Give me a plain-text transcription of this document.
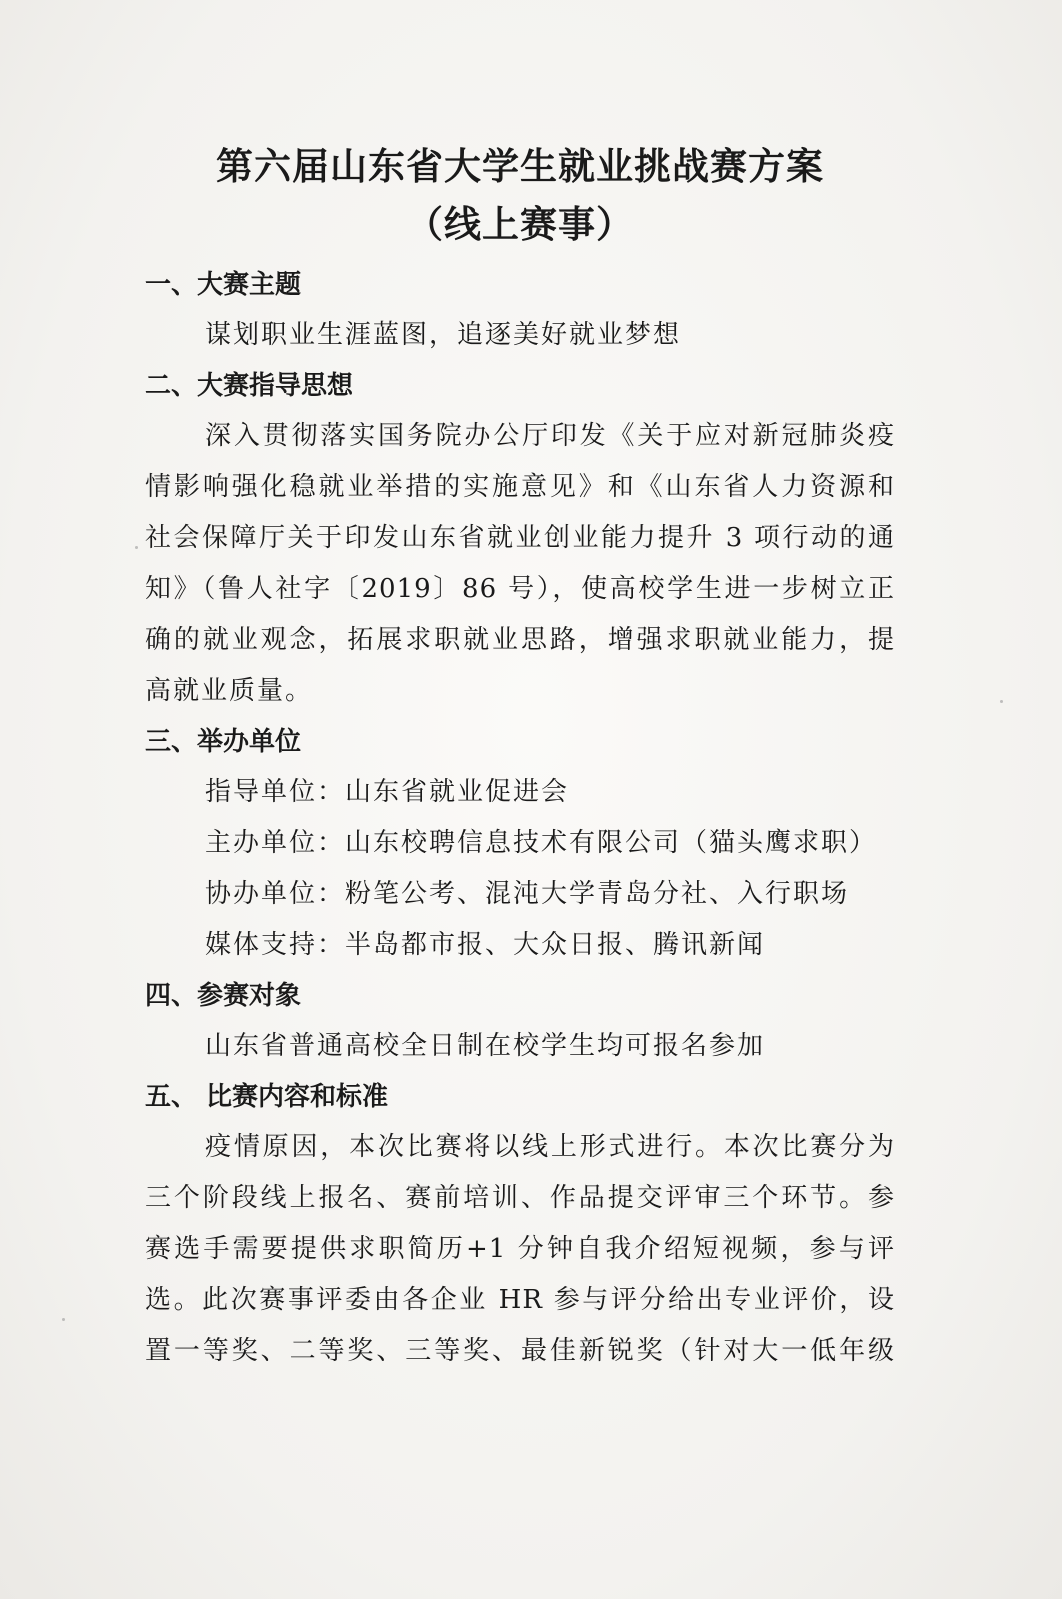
第六届山东省大学生就业挑战赛方案
（线上赛事）

一、大赛主题

谋划职业生涯蓝图，追逐美好就业梦想

二、大赛指导思想

深入贯彻落实国务院办公厅印发《关于应对新冠肺炎疫

情影响强化稳就业举措的实施意见》和《山东省人力资源和

社会保障厅关于印发山东省就业创业能力提升 3 项行动的通

知》（鲁人社字〔2019〕86 号），使高校学生进一步树立正

确的就业观念，拓展求职就业思路，增强求职就业能力，提

高就业质量。

三、举办单位

指导单位：山东省就业促进会

主办单位：山东校聘信息技术有限公司（猫头鹰求职）

协办单位：粉笔公考、混沌大学青岛分社、入行职场

媒体支持：半岛都市报、大众日报、腾讯新闻

四、参赛对象

山东省普通高校全日制在校学生均可报名参加

五、 比赛内容和标准

疫情原因，本次比赛将以线上形式进行。本次比赛分为

三个阶段线上报名、赛前培训、作品提交评审三个环节。参

赛选手需要提供求职简历+1 分钟自我介绍短视频，参与评

选。此次赛事评委由各企业 HR 参与评分给出专业评价，设

置一等奖、二等奖、三等奖、最佳新锐奖（针对大一低年级
